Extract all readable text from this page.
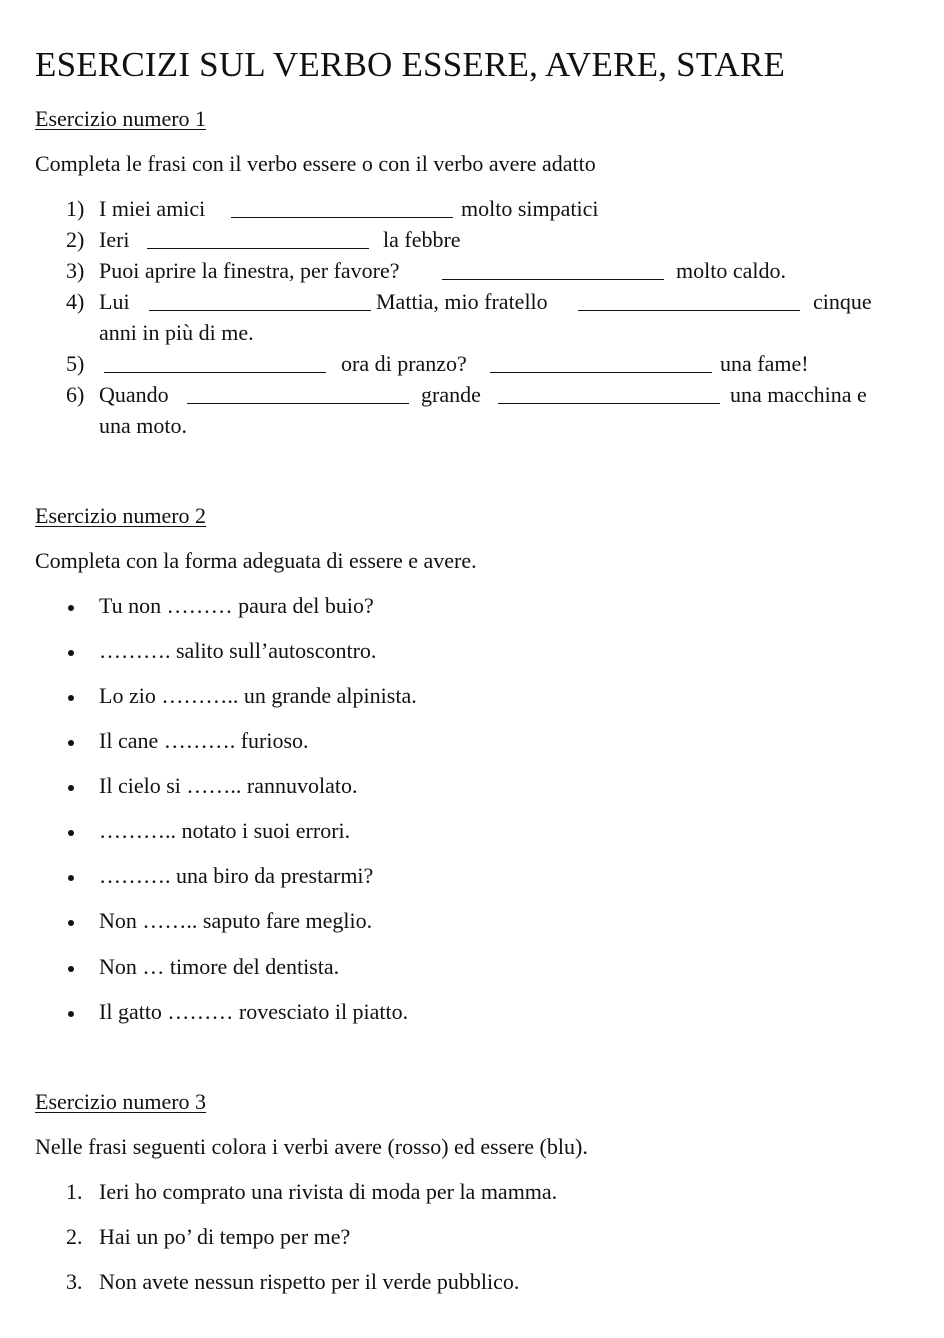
ESERCIZI SUL VERBO ESSERE, AVERE, STARE
Esercizio numero 1
Completa le frasi con il verbo essere o con il verbo avere adatto
1) I miei amici	molto simpatici
2) Ieri	la febbre
3) Puoi aprire la finestra, per favore?	molto caldo.
4) Lui	Mattia, mio fratello	cinque
anni in più di me.
5)	ora di pranzo?	una fame!
6) Quando	grande	una macchina e
una moto.
Esercizio numero 2
Completa con la forma adeguata di essere e avere.
Tu non ……… paura del buio?
………. salito sull’autoscontro.
Lo zio ……….. un grande alpinista.
Il cane ………. furioso.
Il cielo si …….. rannuvolato.
……….. notato i suoi errori.
………. una biro da prestarmi?
Non …….. saputo fare meglio.
Non … timore del dentista.
Il gatto ……… rovesciato il piatto.
Esercizio numero 3
Nelle frasi seguenti colora i verbi avere (rosso) ed essere (blu).
1. Ieri ho comprato una rivista di moda per la mamma.
2. Hai un po’ di tempo per me?
3. Non avete nessun rispetto per il verde pubblico.
